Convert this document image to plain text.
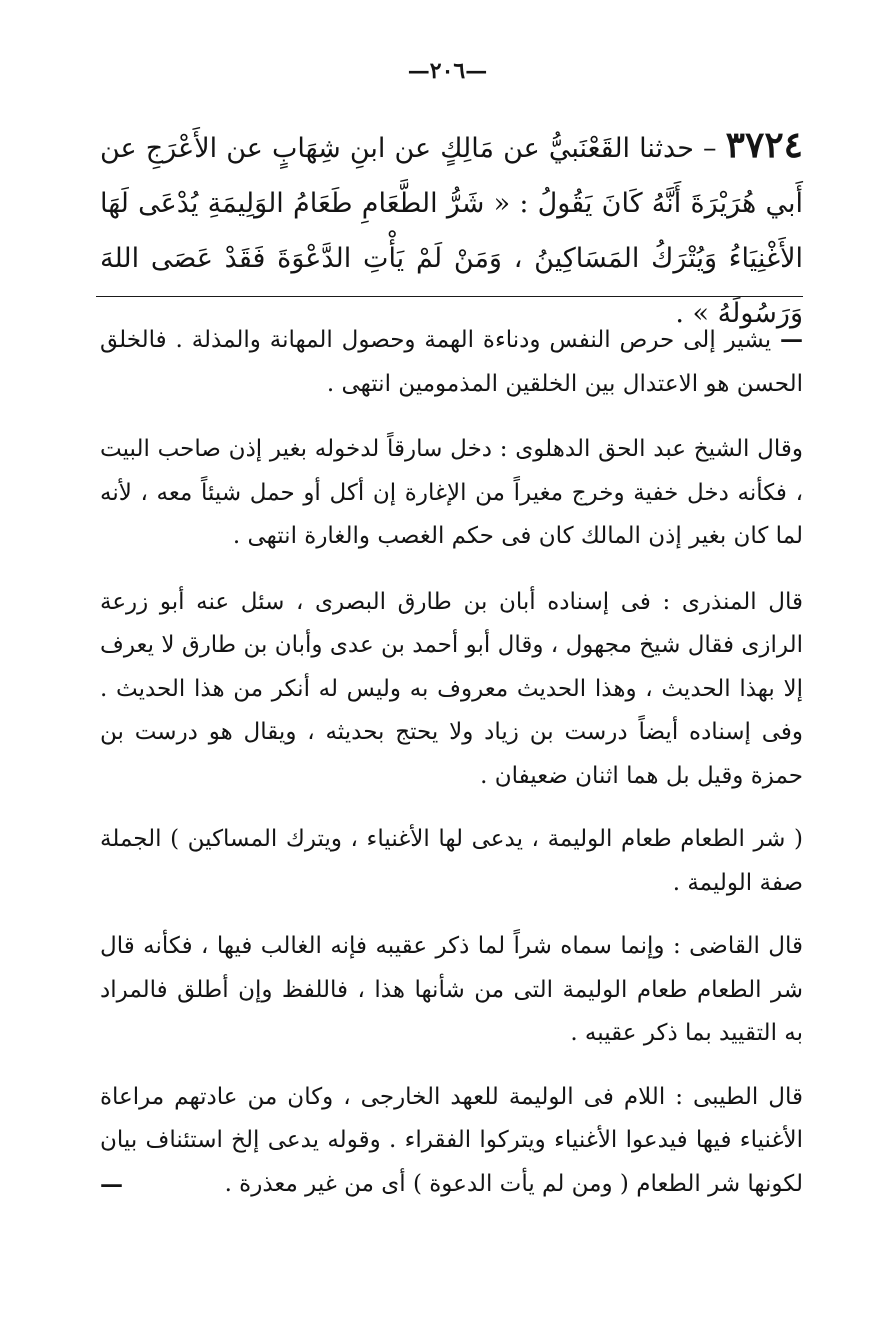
—٢٠٦—
٣٧٢٤ – حدثنا القَعْنَبيُّ عن مَالِكٍ عن ابنِ شِهَابٍ عن الأَعْرَجِ عن أَبي هُرَيْرَةَ أَنَّهُ كَانَ يَقُولُ : « شَرُّ الطَّعَامِ طَعَامُ الوَلِيمَةِ يُدْعَى لَهَا الأَغْنِيَاءُ وَيُتْرَكُ المَسَاكِينُ ، وَمَنْ لَمْ يَأْتِ الدَّعْوَةَ فَقَدْ عَصَى اللهَ وَرَسُولَهُ » .

— يشير إلى حرص النفس ودناءة الهمة وحصول المهانة والمذلة . فالخلق الحسن هو الاعتدال بين الخلقين المذمومين انتهى .

وقال الشيخ عبد الحق الدهلوى : دخل سارقاً لدخوله بغير إذن صاحب البيت ، فكأنه دخل خفية وخرج مغيراً من الإغارة إن أكل أو حمل شيئاً معه ، لأنه لما كان بغير إذن المالك كان فى حكم الغصب والغارة انتهى .

قال المنذرى : فى إسناده أبان بن طارق البصرى ، سئل عنه أبو زرعة الرازى فقال شيخ مجهول ، وقال أبو أحمد بن عدى وأبان بن طارق لا يعرف إلا بهذا الحديث ، وهذا الحديث معروف به وليس له أنكر من هذا الحديث . وفى إسناده أيضاً درست بن زياد ولا يحتج بحديثه ، ويقال هو درست بن حمزة وقيل بل هما اثنان ضعيفان .

( شر الطعام طعام الوليمة ، يدعى لها الأغنياء ، ويترك المساكين ) الجملة صفة الوليمة .

قال القاضى : وإنما سماه شراً لما ذكر عقيبه فإنه الغالب فيها ، فكأنه قال شر الطعام طعام الوليمة التى من شأنها هذا ، فاللفظ وإن أطلق فالمراد به التقييد بما ذكر عقيبه .

قال الطيبى : اللام فى الوليمة للعهد الخارجى ، وكان من عادتهم مراعاة الأغنياء فيها فيدعوا الأغنياء ويتركوا الفقراء . وقوله يدعى إلخ استئناف بيان لكونها شر الطعام ( ومن لم يأت الدعوة ) أى من غير معذرة .
—
